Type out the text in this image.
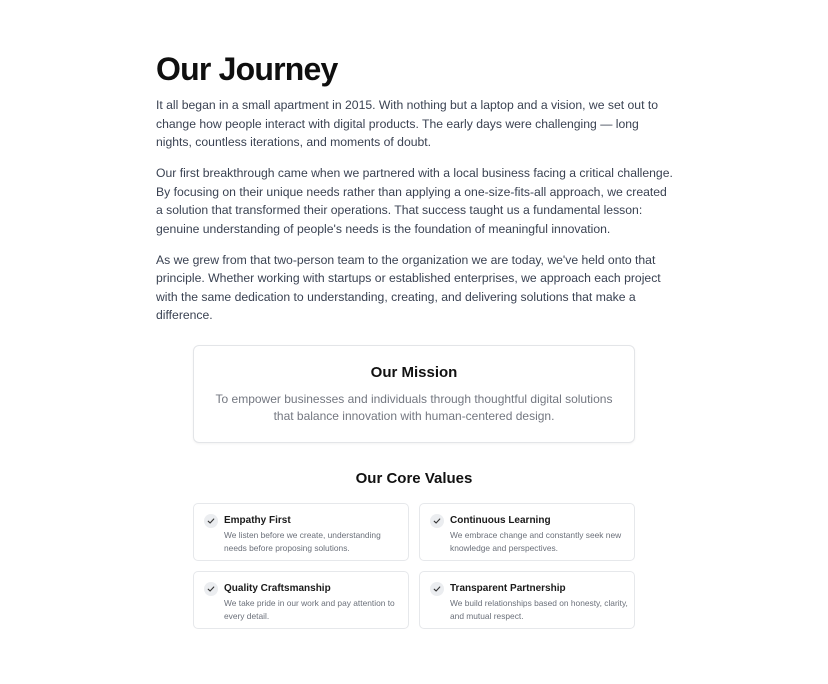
Our Journey

It all began in a small apartment in 2015. With nothing but a laptop and a vision, we set out to change how people interact with digital products. The early days were challenging — long nights, countless iterations, and moments of doubt.

Our first breakthrough came when we partnered with a local business facing a critical challenge. By focusing on their unique needs rather than applying a one-size-fits-all approach, we created a solution that transformed their operations. That success taught us a fundamental lesson: genuine understanding of people's needs is the foundation of meaningful innovation.

As we grew from that two-person team to the organization we are today, we've held onto that principle. Whether working with startups or established enterprises, we approach each project with the same dedication to understanding, creating, and delivering solutions that make a difference.

Our Mission

To empower businesses and individuals through thoughtful digital solutions that balance innovation with human-centered design.

Our Core Values
Empathy First

We listen before we create, understanding needs before proposing solutions.

Continuous Learning

We embrace change and constantly seek new knowledge and perspectives.

Quality Craftsmanship

We take pride in our work and pay attention to every detail.

Transparent Partnership

We build relationships based on honesty, clarity, and mutual respect.
